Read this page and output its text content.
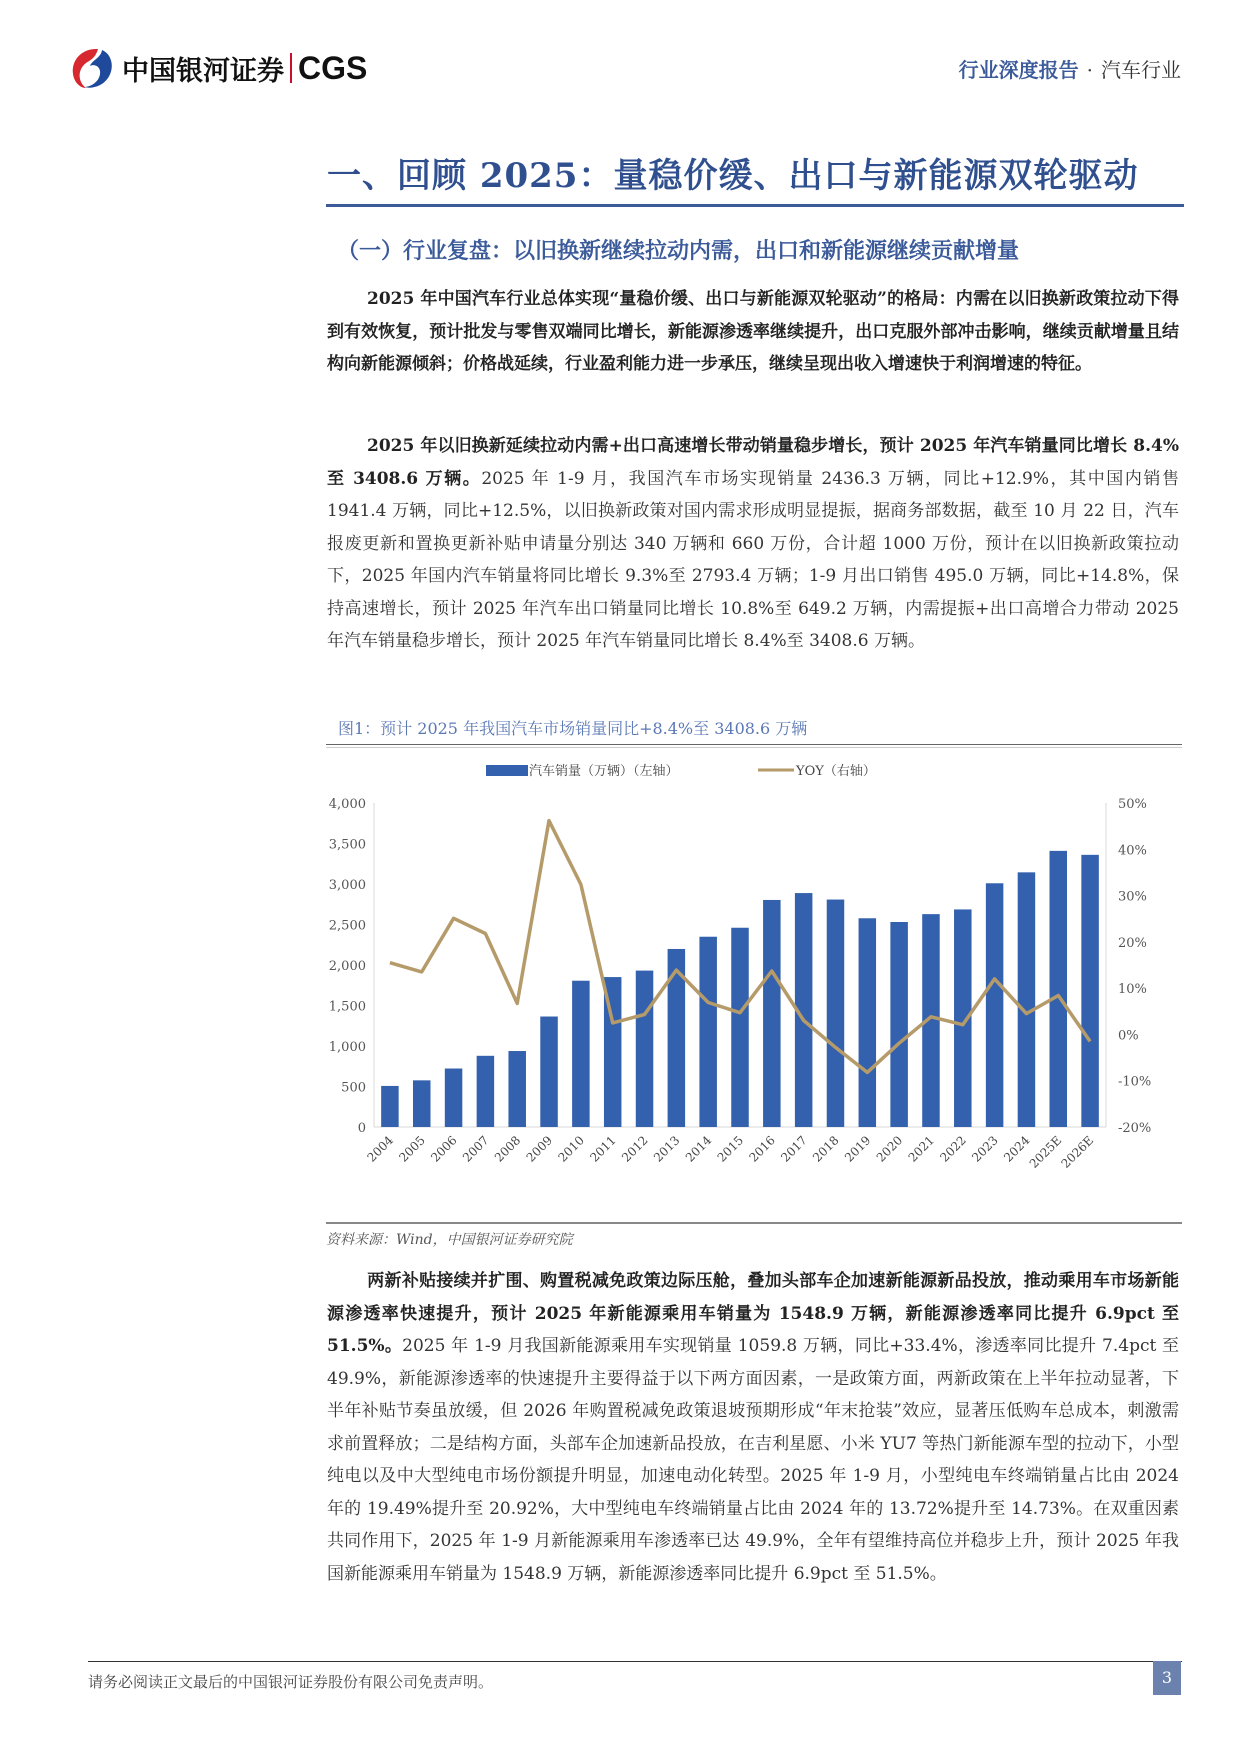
中国银河证券 CGS	行业深度报告 · 汽车行业
一、回顾 2025：量稳价缓、出口与新能源双轮驱动
（一）行业复盘：以旧换新继续拉动内需，出口和新能源继续贡献增量
2025 年中国汽车行业总体实现“量稳价缓、出口与新能源双轮驱动”的格局：内需在以旧换新政策拉动下得到有效恢复，预计批发与零售双端同比增长，新能源渗透率继续提升，出口克服外部冲击影响，继续贡献增量且结构向新能源倾斜；价格战延续，行业盈利能力进一步承压，继续呈现出收入增速快于利润增速的特征。
2025 年以旧换新延续拉动内需+出口高速增长带动销量稳步增长，预计 2025 年汽车销量同比增长 8.4%至 3408.6 万辆。2025 年 1-9 月，我国汽车市场实现销量 2436.3 万辆，同比+12.9%，其中国内销售 1941.4 万辆，同比+12.5%，以旧换新政策对国内需求形成明显提振，据商务部数据，截至 10 月 22 日，汽车报废更新和置换更新补贴申请量分别达 340 万辆和 660 万份，合计超 1000 万份，预计在以旧换新政策拉动下，2025 年国内汽车销量将同比增长 9.3%至 2793.4 万辆；1-9 月出口销售 495.0 万辆，同比+14.8%，保持高速增长，预计 2025 年汽车出口销量同比增长 10.8%至 649.2 万辆，内需提振+出口高增合力带动 2025 年汽车销量稳步增长，预计 2025 年汽车销量同比增长 8.4%至 3408.6 万辆。
图1：预计 2025 年我国汽车市场销量同比+8.4%至 3408.6 万辆
0
500
1,000
1,500
2,000
2,500
3,000
3,500
4,000
-20%
-10%
0%
10%
20%
30%
40%
50%
2004 2005 2006 2007 2008 2009 2010 2011 2012 2013 2014 2015 2016 2017 2018 2019 2020 2021 2022 2023 2024
2025E
2026E
汽车销量（万辆）（左轴）	YOY（右轴）
资料来源：Wind，中国银河证券研究院
两新补贴接续并扩围、购置税减免政策边际压舱，叠加头部车企加速新能源新品投放，推动乘用车市场新能源渗透率快速提升，预计 2025 年新能源乘用车销量为 1548.9 万辆，新能源渗透率同比提升 6.9pct 至 51.5%。2025 年 1-9 月我国新能源乘用车实现销量 1059.8 万辆，同比+33.4%，渗透率同比提升 7.4pct 至 49.9%，新能源渗透率的快速提升主要得益于以下两方面因素，一是政策方面，两新政策在上半年拉动显著，下半年补贴节奏虽放缓，但 2026 年购置税减免政策退坡预期形成“年末抢装”效应，显著压低购车总成本，刺激需求前置释放；二是结构方面，头部车企加速新品投放，在吉利星愿、小米 YU7 等热门新能源车型的拉动下，小型纯电以及中大型纯电市场份额提升明显，加速电动化转型。2025 年 1-9 月，小型纯电车终端销量占比由 2024 年的 19.49%提升至 20.92%，大中型纯电车终端销量占比由 2024 年的 13.72%提升至 14.73%。在双重因素共同作用下，2025 年 1-9 月新能源乘用车渗透率已达 49.9%，全年有望维持高位并稳步上升，预计 2025 年我国新能源乘用车销量为 1548.9 万辆，新能源渗透率同比提升 6.9pct 至 51.5%。
请务必阅读正文最后的中国银河证券股份有限公司免责声明。	3
